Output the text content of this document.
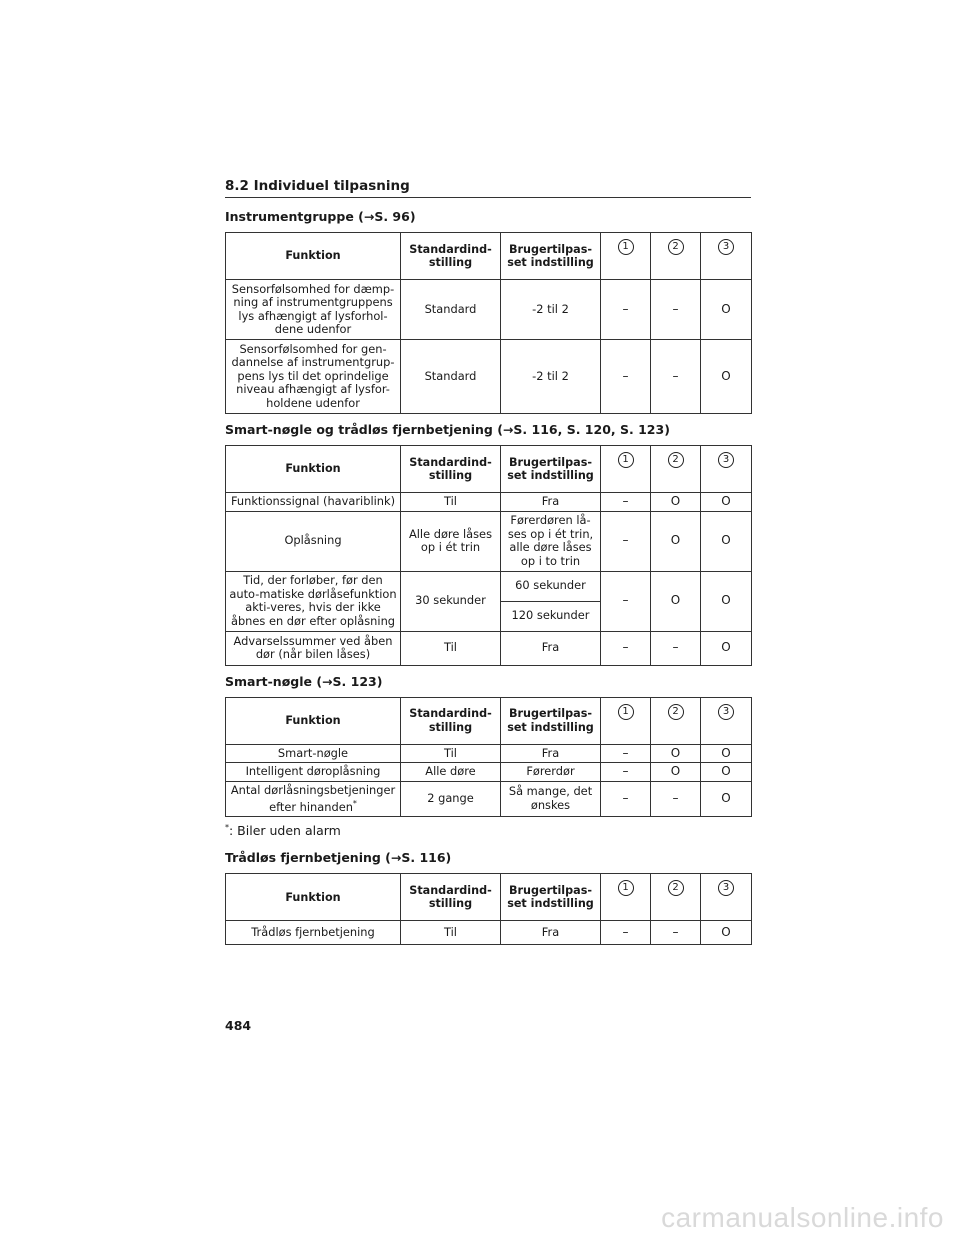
8.2 Individuel tilpasning
Instrumentgruppe (→S. 96)
Funktion	Standardind-stilling	Brugertilpas-set indstilling	1	2	3
Sensorfølsomhed for dæmp-ning af instrumentgruppens lys afhængigt af lysforhol-dene udenfor	Standard	-2 til 2	–	–	O
Sensorfølsomhed for gen-dannelse af instrumentgrup-pens lys til det oprindelige niveau afhængigt af lysfor-holdene udenfor	Standard	-2 til 2	–	–	O
Smart-nøgle og trådløs fjernbetjening (→S. 116, S. 120, S. 123)
Funktion	Standardind-stilling	Brugertilpas-set indstilling	1	2	3
Funktionssignal (havariblink)	Til	Fra	–	O	O
Oplåsning	Alle døre låses op i ét trin	Førerdøren lå-ses op i ét trin, alle døre låses op i to trin	–	O	O
Tid, der forløber, før den auto-matiske dørlåsefunktion akti-veres, hvis der ikke åbnes en dør efter oplåsning	30 sekunder	60 sekunder	–	O	O
		120 sekunder			
Advarselssummer ved åben dør (når bilen låses)	Til	Fra	–	–	O
Smart-nøgle (→S. 123)
Funktion	Standardind-stilling	Brugertilpas-set indstilling	1	2	3
Smart-nøgle	Til	Fra	–	O	O
Intelligent døroplåsning	Alle døre	Førerdør	–	O	O
Antal dørlåsningsbetjeninger efter hinanden*	2 gange	Så mange, det ønskes	–	–	O
*: Biler uden alarm
Trådløs fjernbetjening (→S. 116)
Funktion	Standardind-stilling	Brugertilpas-set indstilling	1	2	3
Trådløs fjernbetjening	Til	Fra	–	–	O
484
carmanualsonline.info
